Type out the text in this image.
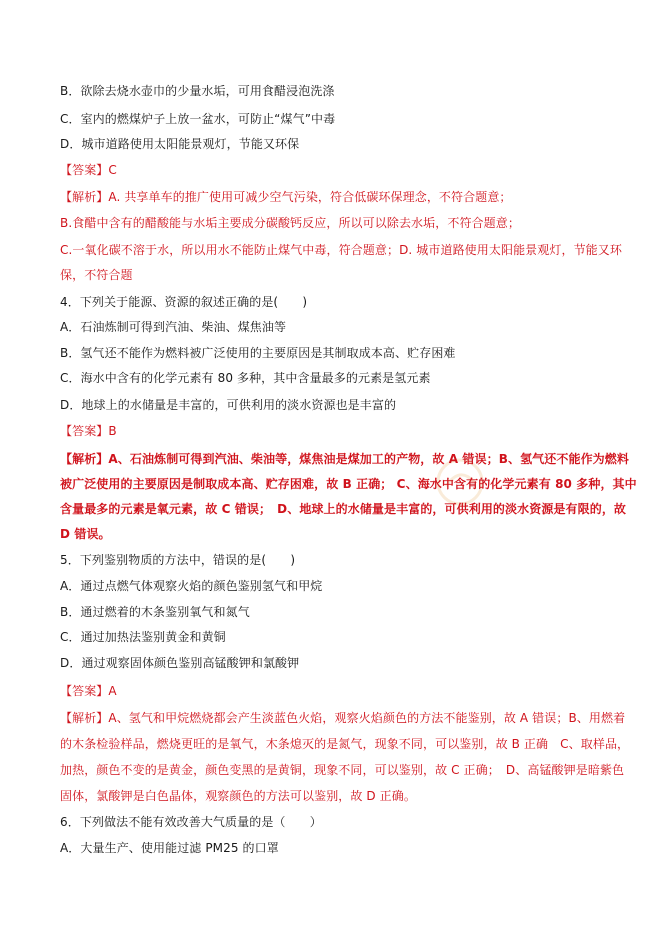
B．欲除去烧水壶巾的少量水垢，可用食醋浸泡洗涤
C．室内的燃煤炉子上放一盆水，可防止“煤气”中毒
D．城市道路使用太阳能景观灯，节能又环保
【答案】C
【解析】A. 共享单车的推广使用可减少空气污染，符合低碳环保理念，不符合题意；
B.食醋中含有的醋酸能与水垢主要成分碳酸钙反应，所以可以除去水垢，不符合题意；
C.一氧化碳不溶于水，所以用水不能防止煤气中毒，符合题意；D. 城市道路使用太阳能景观灯，节能又环
保，不符合题
4．下列关于能源、资源的叙述正确的是(　　)
A．石油炼制可得到汽油、柴油、煤焦油等
B．氢气还不能作为燃料被广泛使用的主要原因是其制取成本高、贮存困难
C．海水中含有的化学元素有 80 多种，其中含量最多的元素是氢元素
D．地球上的水储量是丰富的，可供利用的淡水资源也是丰富的
【答案】B
【解析】A、石油炼制可得到汽油、柴油等，煤焦油是煤加工的产物，故 A 错误；B、氢气还不能作为燃料
被广泛使用的主要原因是制取成本高、贮存困难，故 B 正确； C、海水中含有的化学元素有 80 多种，其中
含量最多的元素是氧元素，故 C 错误；　D、地球上的水储量是丰富的，可供利用的淡水资源是有限的，故
D 错误。
5．下列鉴别物质的方法中，错误的是(　　)
A．通过点燃气体观察火焰的颜色鉴别氢气和甲烷
B．通过燃着的木条鉴别氧气和氮气
C．通过加热法鉴别黄金和黄铜
D．通过观察固体颜色鉴别高锰酸钾和氯酸钾
【答案】A
【解析】A、氢气和甲烷燃烧都会产生淡蓝色火焰，观察火焰颜色的方法不能鉴别，故 A 错误；B、用燃着
的木条检验样品，燃烧更旺的是氧气，木条熄灭的是氮气，现象不同，可以鉴别，故 B 正确　C、取样品，
加热，颜色不变的是黄金，颜色变黑的是黄铜，现象不同，可以鉴别，故 C 正确；　D、高锰酸钾是暗紫色
固体，氯酸钾是白色晶体，观察颜色的方法可以鉴别，故 D 正确。
6．下列做法不能有效改善大气质量的是（　　）
A．大量生产、使用能过滤 PM25 的口罩
